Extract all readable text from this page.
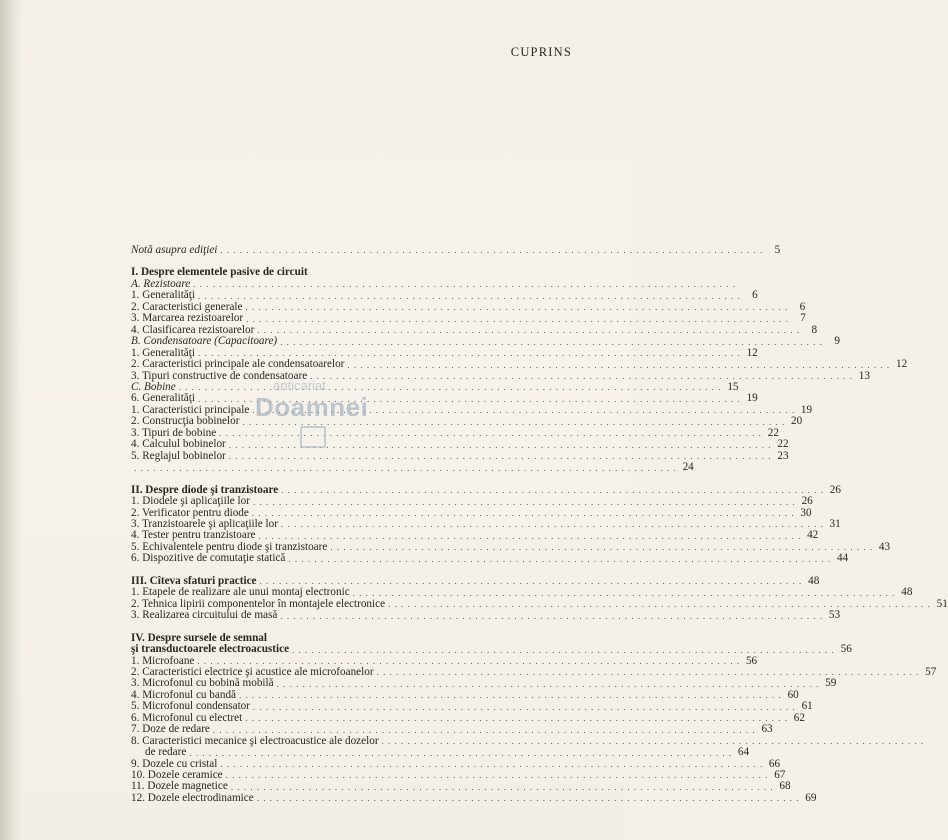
CUPRINS
Notă asupra ediţiei . . .	5
I. Despre elementele pasive de circuit
A. Rezistoare
. . .
1. Generalităţi . . .	6
2. Caracteristici generale . . .	6
3. Marcarea rezistoarelor . . .	7
4. Clasificarea rezistoarelor . . .	8
B. Condensatoare (Capacitoare) . . .	9
1. Generalităţi . . .	12
2. Caracteristici principale ale condensatoarelor . . .	12
3. Tipuri constructive de condensatoare . . .	13
C. Bobine . . .	15
6. Generalităţi . . .	19
1. Caracteristici principale . . .	19
2. Construcţia bobinelor . . .	20
3. Tipuri de bobine . . .	22
4. Calculul bobinelor . . .	22
5. Reglajul bobinelor . . .	23
. . .
24
II. Despre diode şi tranzistoare . . .	26
1. Diodele şi aplicaţiile lor . . .	26
2. Verificator pentru diode . . .	30
3. Tranzistoarele şi aplicaţiile lor . . .	31
4. Tester pentru tranzistoare . . .	42
5. Echivalentele pentru diode şi tranzistoare . . .	43
6. Dispozitive de comutaţie statică . . .	44
III. Cîteva sfaturi practice . . .	48
1. Etapele de realizare ale unui montaj electronic . . .	48
2. Tehnica lipirii componentelor în montajele electronice . . .	51
3. Realizarea circuitului de masă . . .	53
IV. Despre sursele de semnal
şi transductoarele electroacustice . . .	56
1. Microfoane . . .	56
2. Caracteristici electrice şi acustice ale microfoanelor . . .	57
3. Microfonul cu bobină mobilă . . .	59
4. Microfonul cu bandă . . .	60
5. Microfonul condensator . . .	61
6. Microfonul cu electret . . .	62
7. Doze de redare . . .	63
8. Caracteristici mecanice şi electroacustice ale dozelor
. . .
de redare . . .	64
9. Dozele cu cristal . . .	66
10. Dozele ceramice . . .	67
11. Dozele magnetice . . .	68
12. Dozele electrodinamice . . .	69
anticariat
Doamnei
